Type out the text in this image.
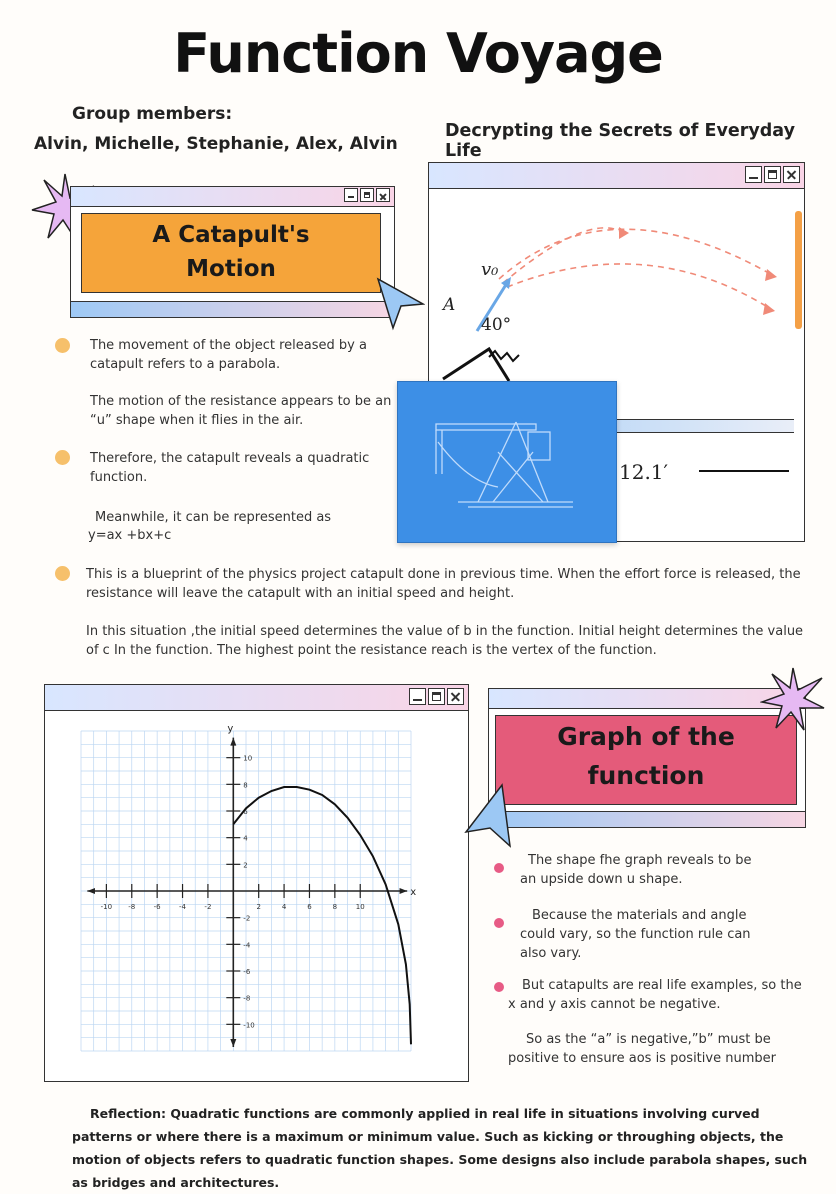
Function Voyage
Group members:
Alvin, Michelle, Stephanie, Alex, Alvin
Decrypting the Secrets of Everyday Life
A Catapult's
Motion	v₀
40°
A
12.1′
The movement of the object released by a catapult refers to a parabola.
The motion of the resistance appears to be an “u” shape when it flies in the air.
Therefore, the catapult reveals a quadratic function.
Meanwhile, it can be represented as
y=ax +bx+c
This is a blueprint of the physics project catapult done in previous time. When the effort force is released, the resistance will leave the catapult with an initial speed and height.
In this situation ,the initial speed determines the value of b in the function. Initial height determines the value of c In the function. The highest point the resistance reach is the vertex of the function.
-10 -8	-6	-4	-2	2	4	6	8	10
10
8
6
4
2
-2
-4
-6
-8
-10
x
y	Graph of the
function
The shape fhe graph reveals to be an upside down u shape.
Because the materials and angle could vary, so the function rule can also vary.
But catapults are real life examples, so the x and y axis cannot be negative.
So as the “a” is negative,”b” must be positive to ensure aos is positive number
Reflection: Quadratic functions are commonly applied in real life in situations involving curved patterns or where there is a maximum or minimum value. Such as kicking or throughing objects, the motion of objects refers to quadratic function shapes. Some designs also include parabola shapes, such as bridges and architectures.
